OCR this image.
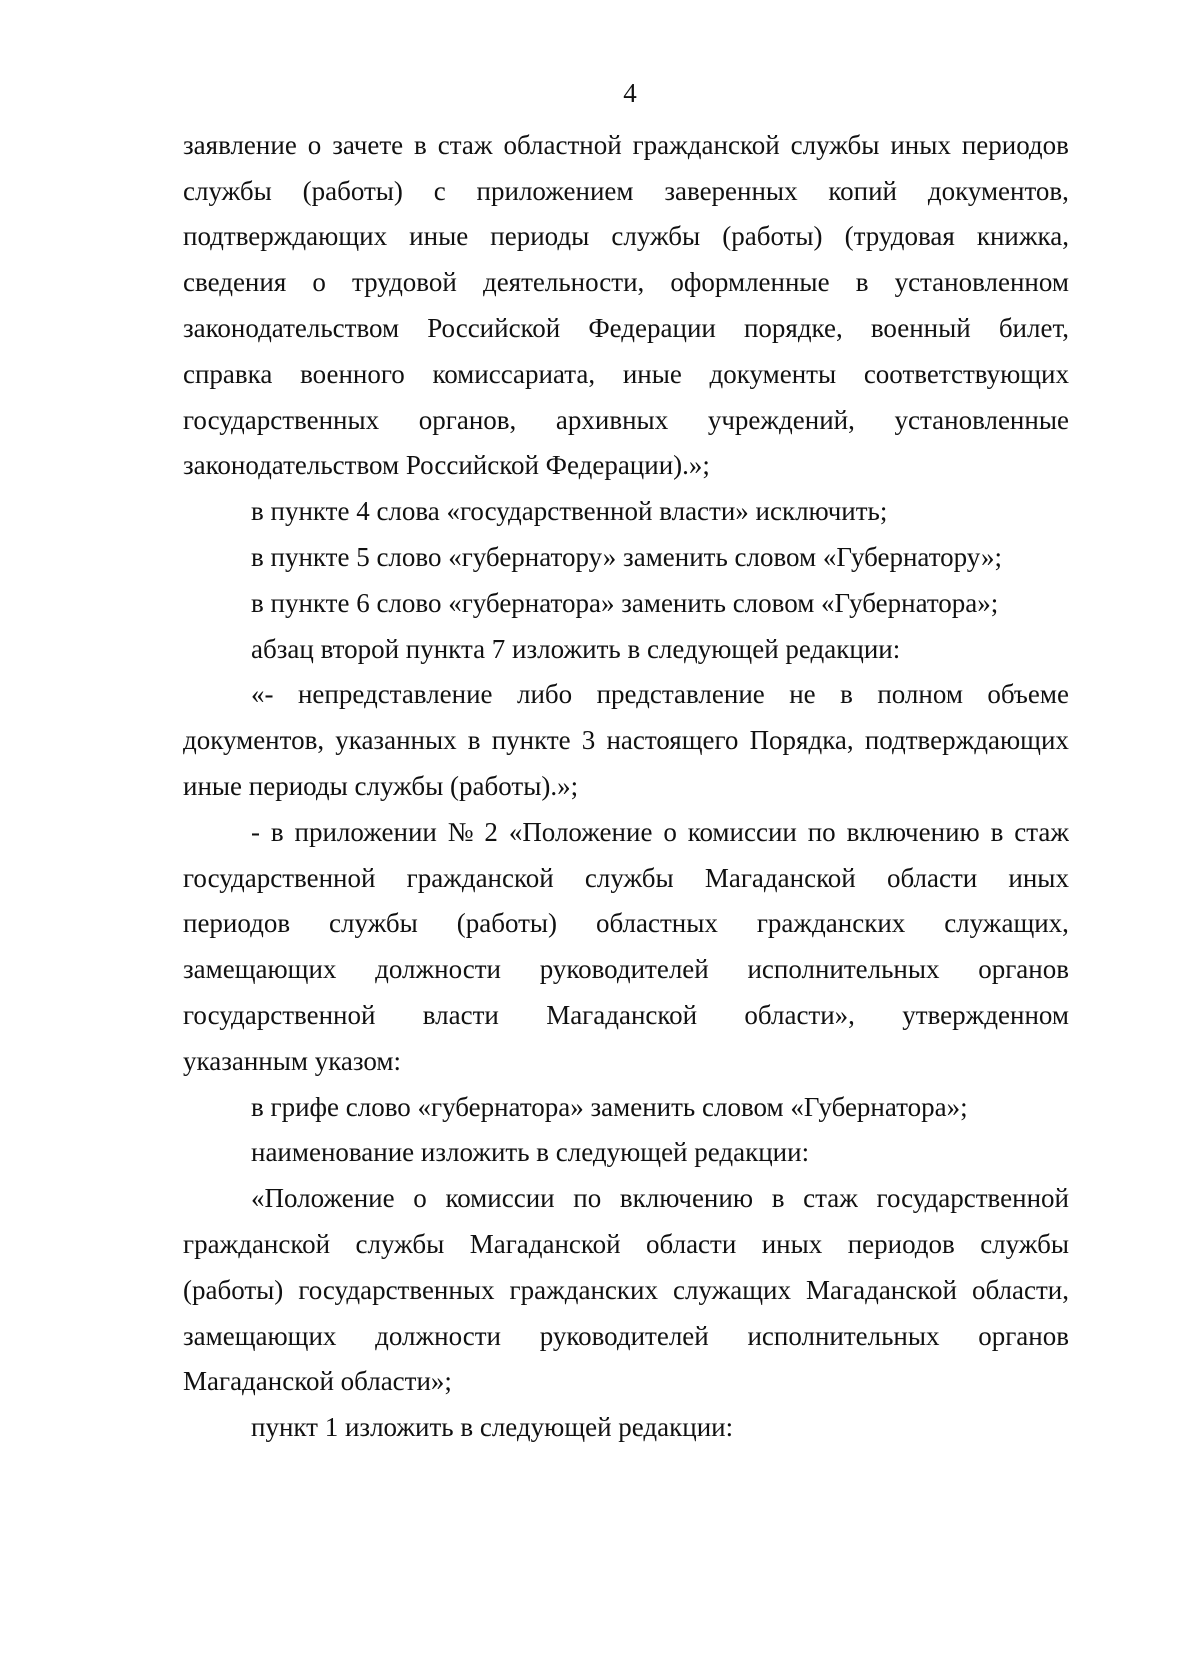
4
заявление о зачете в стаж областной гражданской службы иных периодов
службы (работы) с приложением заверенных копий документов,
подтверждающих иные периоды службы (работы) (трудовая книжка,
сведения о трудовой деятельности, оформленные в установленном
законодательством Российской Федерации порядке, военный билет,
справка военного комиссариата, иные документы соответствующих
государственных органов, архивных учреждений, установленные
законодательством Российской Федерации).»;
в пункте 4 слова «государственной власти» исключить;
в пункте 5 слово «губернатору» заменить словом «Губернатору»;
в пункте 6 слово «губернатора» заменить словом «Губернатора»;
абзац второй пункта 7 изложить в следующей редакции:
«- непредставление либо представление не в полном объеме
документов, указанных в пункте 3 настоящего Порядка, подтверждающих
иные периоды службы (работы).»;
- в приложении № 2 «Положение о комиссии по включению в стаж
государственной гражданской службы Магаданской области иных
периодов службы (работы) областных гражданских служащих,
замещающих должности руководителей исполнительных органов
государственной власти Магаданской области», утвержденном
указанным указом:
в грифе слово «губернатора» заменить словом «Губернатора»;
наименование изложить в следующей редакции:
«Положение о комиссии по включению в стаж государственной
гражданской службы Магаданской области иных периодов службы
(работы) государственных гражданских служащих Магаданской области,
замещающих должности руководителей исполнительных органов
Магаданской области»;
пункт 1 изложить в следующей редакции:
